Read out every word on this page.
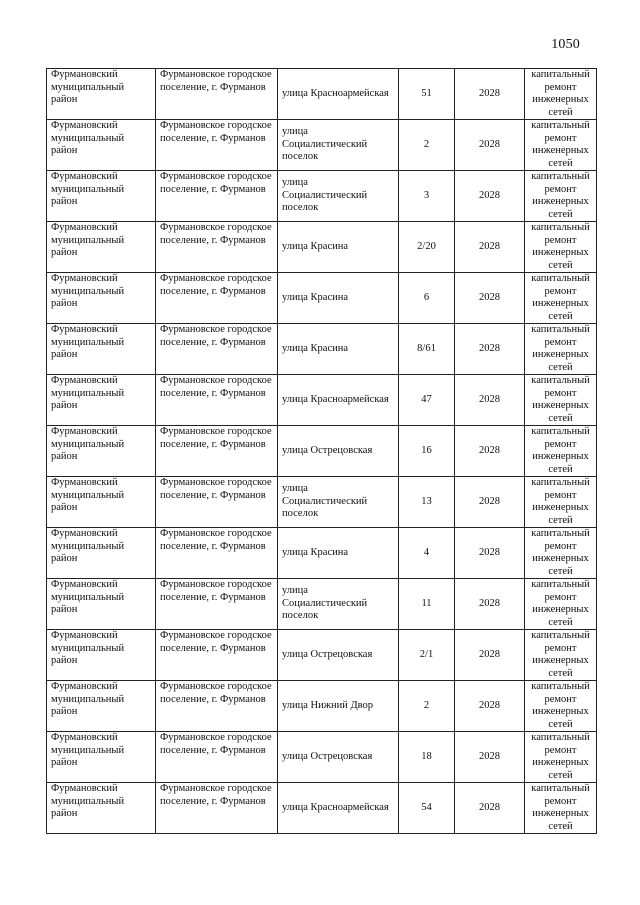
1050
Фурмановский муниципальный район	Фурмановское городское поселение, г. Фурманов	улица Красноармейская	51	2028	капитальный ремонт инженерных сетей
Фурмановский муниципальный район	Фурмановское городское поселение, г. Фурманов	улица Социалистический поселок	2	2028	капитальный ремонт инженерных сетей
Фурмановский муниципальный район	Фурмановское городское поселение, г. Фурманов	улица Социалистический поселок	3	2028	капитальный ремонт инженерных сетей
Фурмановский муниципальный район	Фурмановское городское поселение, г. Фурманов	улица Красина	2/20	2028	капитальный ремонт инженерных сетей
Фурмановский муниципальный район	Фурмановское городское поселение, г. Фурманов	улица Красина	6	2028	капитальный ремонт инженерных сетей
Фурмановский муниципальный район	Фурмановское городское поселение, г. Фурманов	улица Красина	8/61	2028	капитальный ремонт инженерных сетей
Фурмановский муниципальный район	Фурмановское городское поселение, г. Фурманов	улица Красноармейская	47	2028	капитальный ремонт инженерных сетей
Фурмановский муниципальный район	Фурмановское городское поселение, г. Фурманов	улица Острецовская	16	2028	капитальный ремонт инженерных сетей
Фурмановский муниципальный район	Фурмановское городское поселение, г. Фурманов	улица Социалистический поселок	13	2028	капитальный ремонт инженерных сетей
Фурмановский муниципальный район	Фурмановское городское поселение, г. Фурманов	улица Красина	4	2028	капитальный ремонт инженерных сетей
Фурмановский муниципальный район	Фурмановское городское поселение, г. Фурманов	улица Социалистический поселок	11	2028	капитальный ремонт инженерных сетей
Фурмановский муниципальный район	Фурмановское городское поселение, г. Фурманов	улица Острецовская	2/1	2028	капитальный ремонт инженерных сетей
Фурмановский муниципальный район	Фурмановское городское поселение, г. Фурманов	улица Нижний Двор	2	2028	капитальный ремонт инженерных сетей
Фурмановский муниципальный район	Фурмановское городское поселение, г. Фурманов	улица Острецовская	18	2028	капитальный ремонт инженерных сетей
Фурмановский муниципальный район	Фурмановское городское поселение, г. Фурманов	улица Красноармейская	54	2028	капитальный ремонт инженерных сетей
